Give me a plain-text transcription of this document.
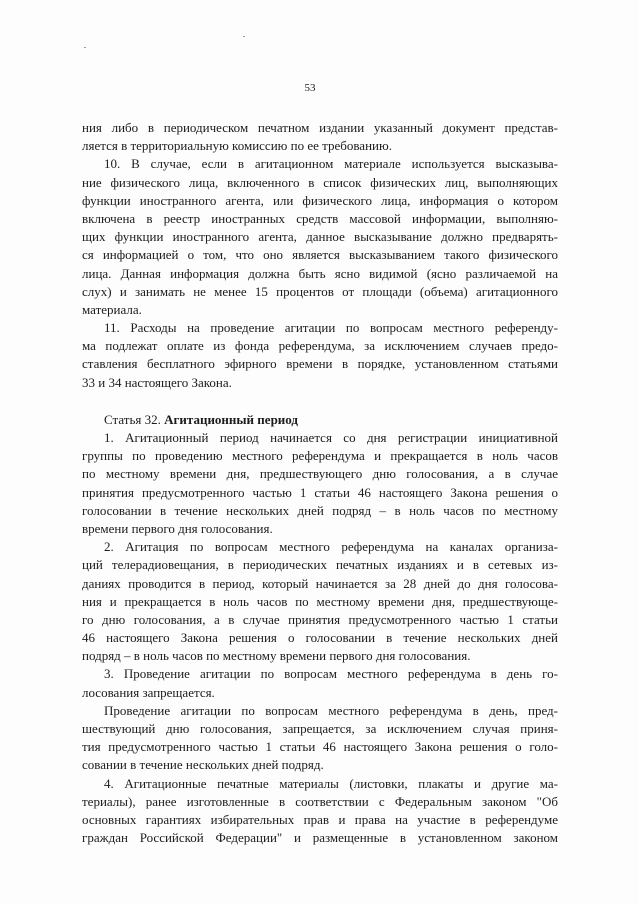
53
ния либо в периодическом печатном издании указанный документ представ-
ляется в территориальную комиссию по ее требованию.
10. В случае, если в агитационном материале используется высказыва-
ние физического лица, включенного в список физических лиц, выполняющих
функции иностранного агента, или физического лица, информация о котором
включена в реестр иностранных средств массовой информации, выполняю-
щих функции иностранного агента, данное высказывание должно предварять-
ся информацией о том, что оно является высказыванием такого физического
лица. Данная информация должна быть ясно видимой (ясно различаемой на
слух) и занимать не менее 15 процентов от площади (объема) агитационного
материала.
11. Расходы на проведение агитации по вопросам местного референду-
ма подлежат оплате из фонда референдума, за исключением случаев предо-
ставления бесплатного эфирного времени в порядке, установленном статьями
33 и 34 настоящего Закона.
Статья 32. Агитационный период
1. Агитационный период начинается со дня регистрации инициативной
группы по проведению местного референдума и прекращается в ноль часов
по местному времени дня, предшествующего дню голосования, а в случае
принятия предусмотренного частью 1 статьи 46 настоящего Закона решения о
голосовании в течение нескольких дней подряд – в ноль часов по местному
времени первого дня голосования.
2. Агитация по вопросам местного референдума на каналах организа-
ций телерадиовещания, в периодических печатных изданиях и в сетевых из-
даниях проводится в период, который начинается за 28 дней до дня голосова-
ния и прекращается в ноль часов по местному времени дня, предшествующе-
го дню голосования, а в случае принятия предусмотренного частью 1 статьи
46 настоящего Закона решения о голосовании в течение нескольких дней
подряд – в ноль часов по местному времени первого дня голосования.
3. Проведение агитации по вопросам местного референдума в день го-
лосования запрещается.
Проведение агитации по вопросам местного референдума в день, пред-
шествующий дню голосования, запрещается, за исключением случая приня-
тия предусмотренного частью 1 статьи 46 настоящего Закона решения о голо-
совании в течение нескольких дней подряд.
4. Агитационные печатные материалы (листовки, плакаты и другие ма-
териалы), ранее изготовленные в соответствии с Федеральным законом "Об
основных гарантиях избирательных прав и права на участие в референдуме
граждан Российской Федерации" и размещенные в установленном законом
